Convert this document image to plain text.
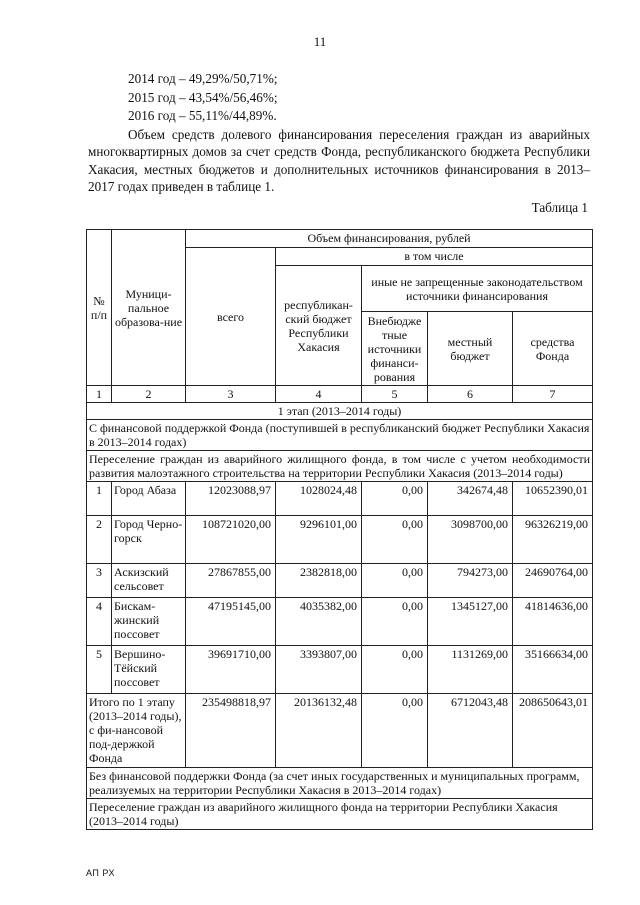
11
2014 год – 49,29%/50,71%;
2015 год – 43,54%/56,46%;
2016 год – 55,11%/44,89%.
Объем средств долевого финансирования переселения граждан из аварийных многоквартирных домов за счет средств Фонда, республиканского бюджета Республики Хакасия, местных бюджетов и дополнительных источников финансирования в 2013–2017 годах приведен в таблице 1.
Таблица 1
№ п/п	Муници-пальное образова-ние	Объем финансирования, рублей				
		всего	в том числе			
			республикан-ский бюджет Республики Хакасия	иные не запрещенные законодательством источники финансирования		
				Внебюдже тные источники финанси-рования	местный бюджет	средства Фонда
1	2	3	4	5	6	7
1 этап (2013–2014 годы)						
С финансовой поддержкой Фонда (поступившей в республиканский бюджет Республики Хакасия в 2013–2014 годах)						
Переселение граждан из аварийного жилищного фонда, в том числе с учетом необходимости развития малоэтажного строительства на территории Республики Хакасия (2013–2014 годы)						
1	Город Абаза	12023088,97	1028024,48	0,00	342674,48	10652390,01
2	Город Черно-горск	108721020,00	9296101,00	0,00	3098700,00	96326219,00
3	Аскизский сельсовет	27867855,00	2382818,00	0,00	794273,00	24690764,00
4	Бискам-жинский поссовет	47195145,00	4035382,00	0,00	1345127,00	41814636,00
5	Вершино-Тёйский поссовет	39691710,00	3393807,00	0,00	1131269,00	35166634,00
Итого по 1 этапу (2013–2014 годы), с фи-нансовой под-держкой Фонда		235498818,97	20136132,48	0,00	6712043,48	208650643,01
Без финансовой поддержки Фонда (за счет иных государственных и муниципальных программ, реализуемых на территории Республики Хакасия в 2013–2014 годах)						
Переселение граждан из аварийного жилищного фонда на территории Республики Хакасия (2013–2014 годы)						
АП РХ
